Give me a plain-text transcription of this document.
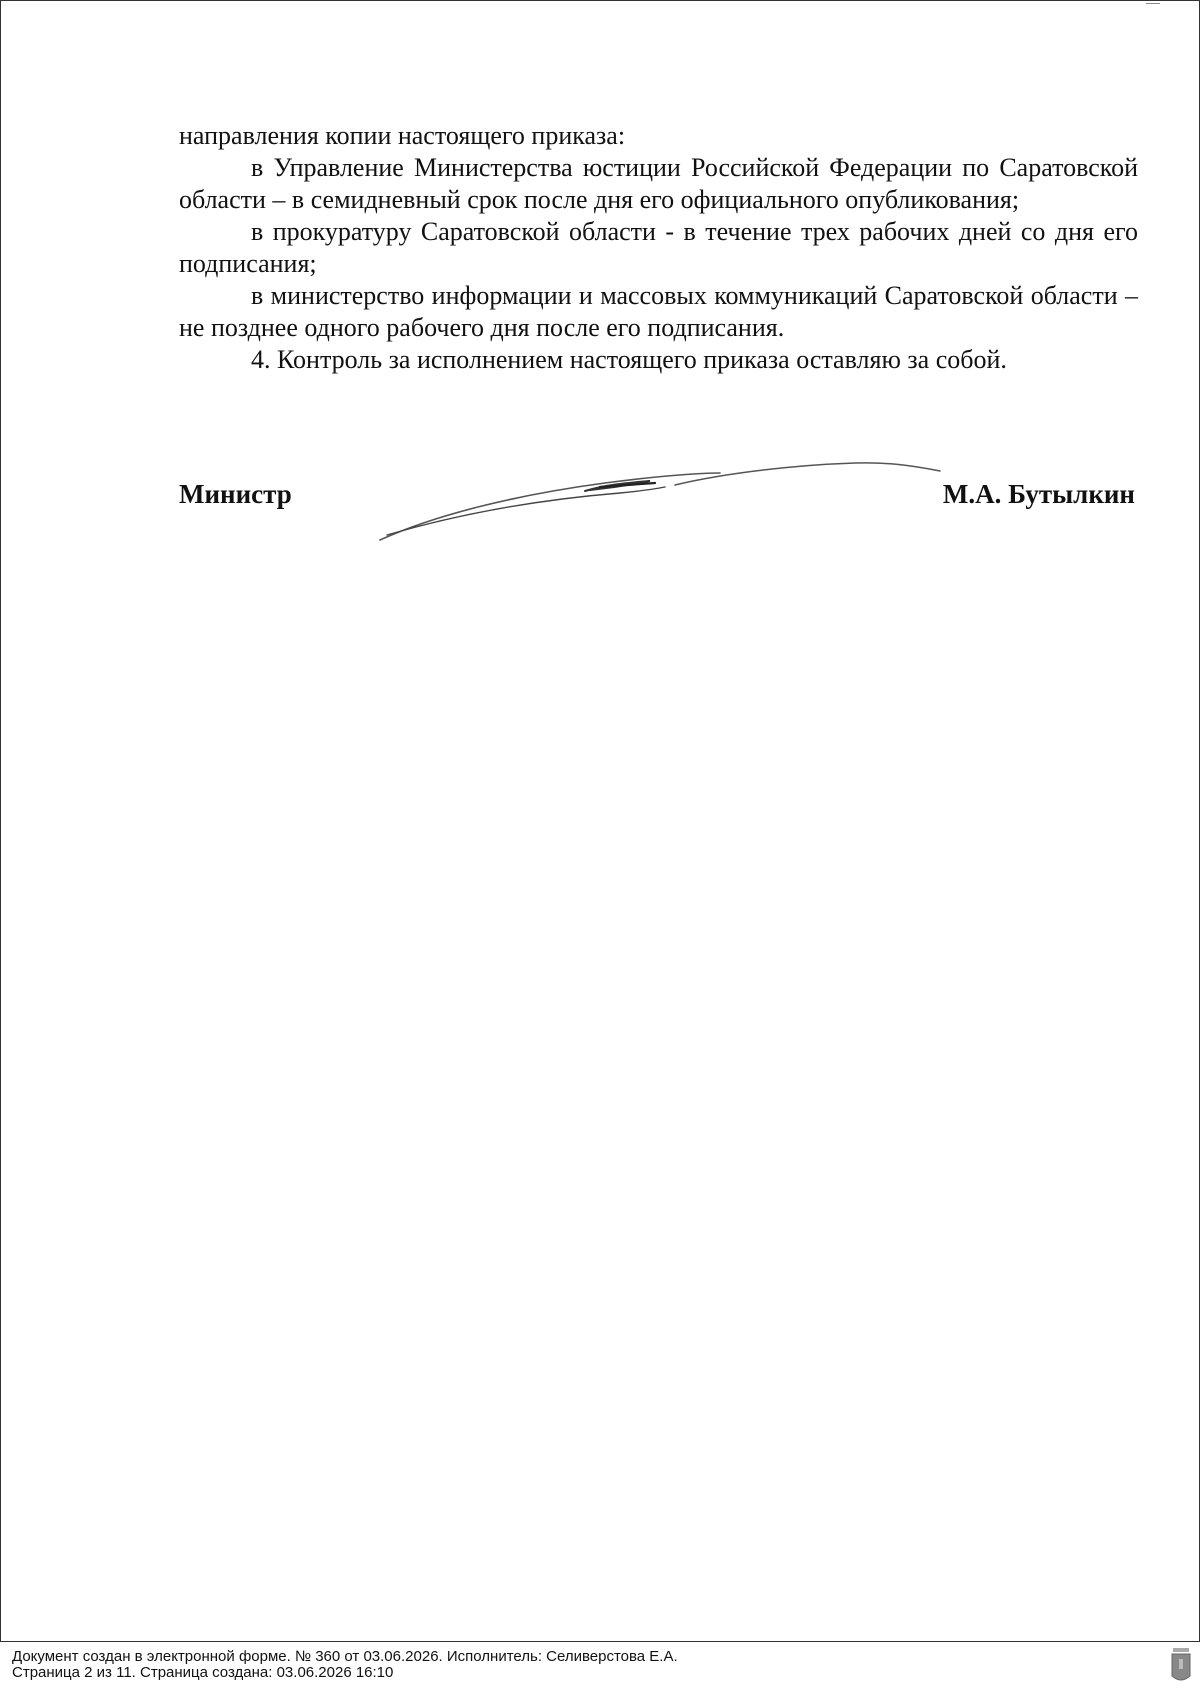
направления копии настоящего приказа:

в Управление Министерства юстиции Российской Федерации по Саратовской области – в семидневный срок после дня его официального опубликования;

в прокуратуру Саратовской области - в течение трех рабочих дней со дня его подписания;

в министерство информации и массовых коммуникаций Саратовской области – не позднее одного рабочего дня после его подписания.

4. Контроль за исполнением настоящего приказа оставляю за собой.

Министр	М.А. Бутылкин
Документ создан в электронной форме. № 360 от 03.06.2026. Исполнитель: Селиверстова Е.А.
Страница 2 из 11. Страница создана: 03.06.2026 16:10
